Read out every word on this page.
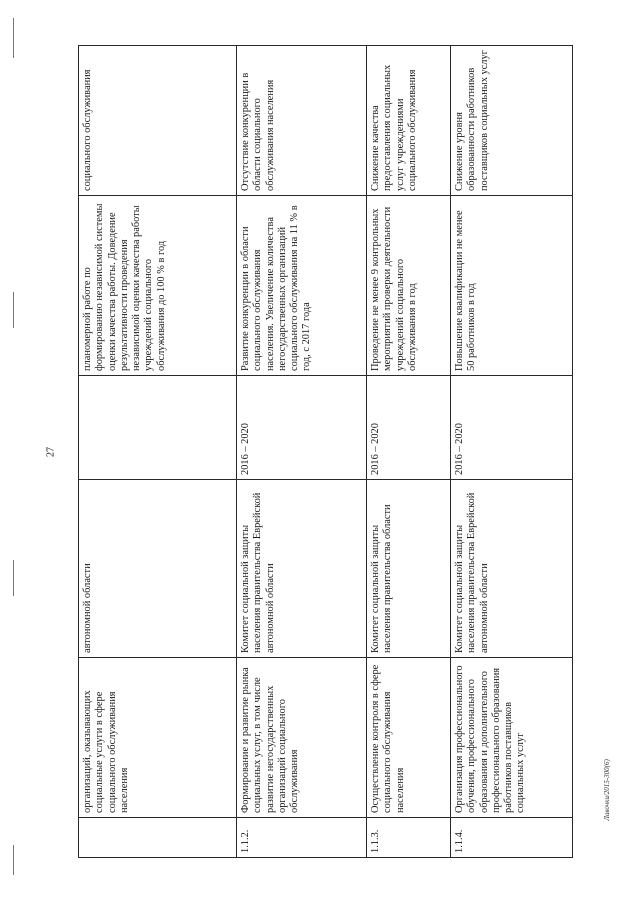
27
	организаций, оказывающих социальные услуги в сфере социального обслуживания населения	автономной области		планомерной работе по формированию независимой системы оценки качества работы. Доведение результативности проведения независимой оценки качества работы учреждений социального обслуживания до 100 % в год	социального обслуживания
1.1.2.	Формирование и развитие рынка социальных услуг, в том числе развитие негосударственных организаций социального обслуживания	Комитет социальной защиты населения правительства Еврейской автономной области	2016 – 2020	Развитие конкуренции в области социального обслуживания населения. Увеличение количества негосударственных организаций социального обслуживания на 11 % в год, с 2017 года	Отсутствие конкуренции в области социального обслуживания населения
1.1.3.	Осуществление контроля в сфере социального обслуживания населения	Комитет социальной защиты населения правительства области	2016 – 2020	Проведение не менее 9 контрольных мероприятий проверки деятельности учреждений социального обслуживания в год	Снижение качества предоставления социальных услуг учреждениями социального обслуживания
1.1.4.	Организация профессионального обучения, профессионального образования и дополнительного профессионального образования работников поставщиков социальных услуг	Комитет социальной защиты населения правительства Еврейской автономной области	2016 – 2020	Повышение квалификации не менее 50 работников в год	Снижение уровня образованности работников поставщиков социальных услуг
Лавочки/2015-300(6)
